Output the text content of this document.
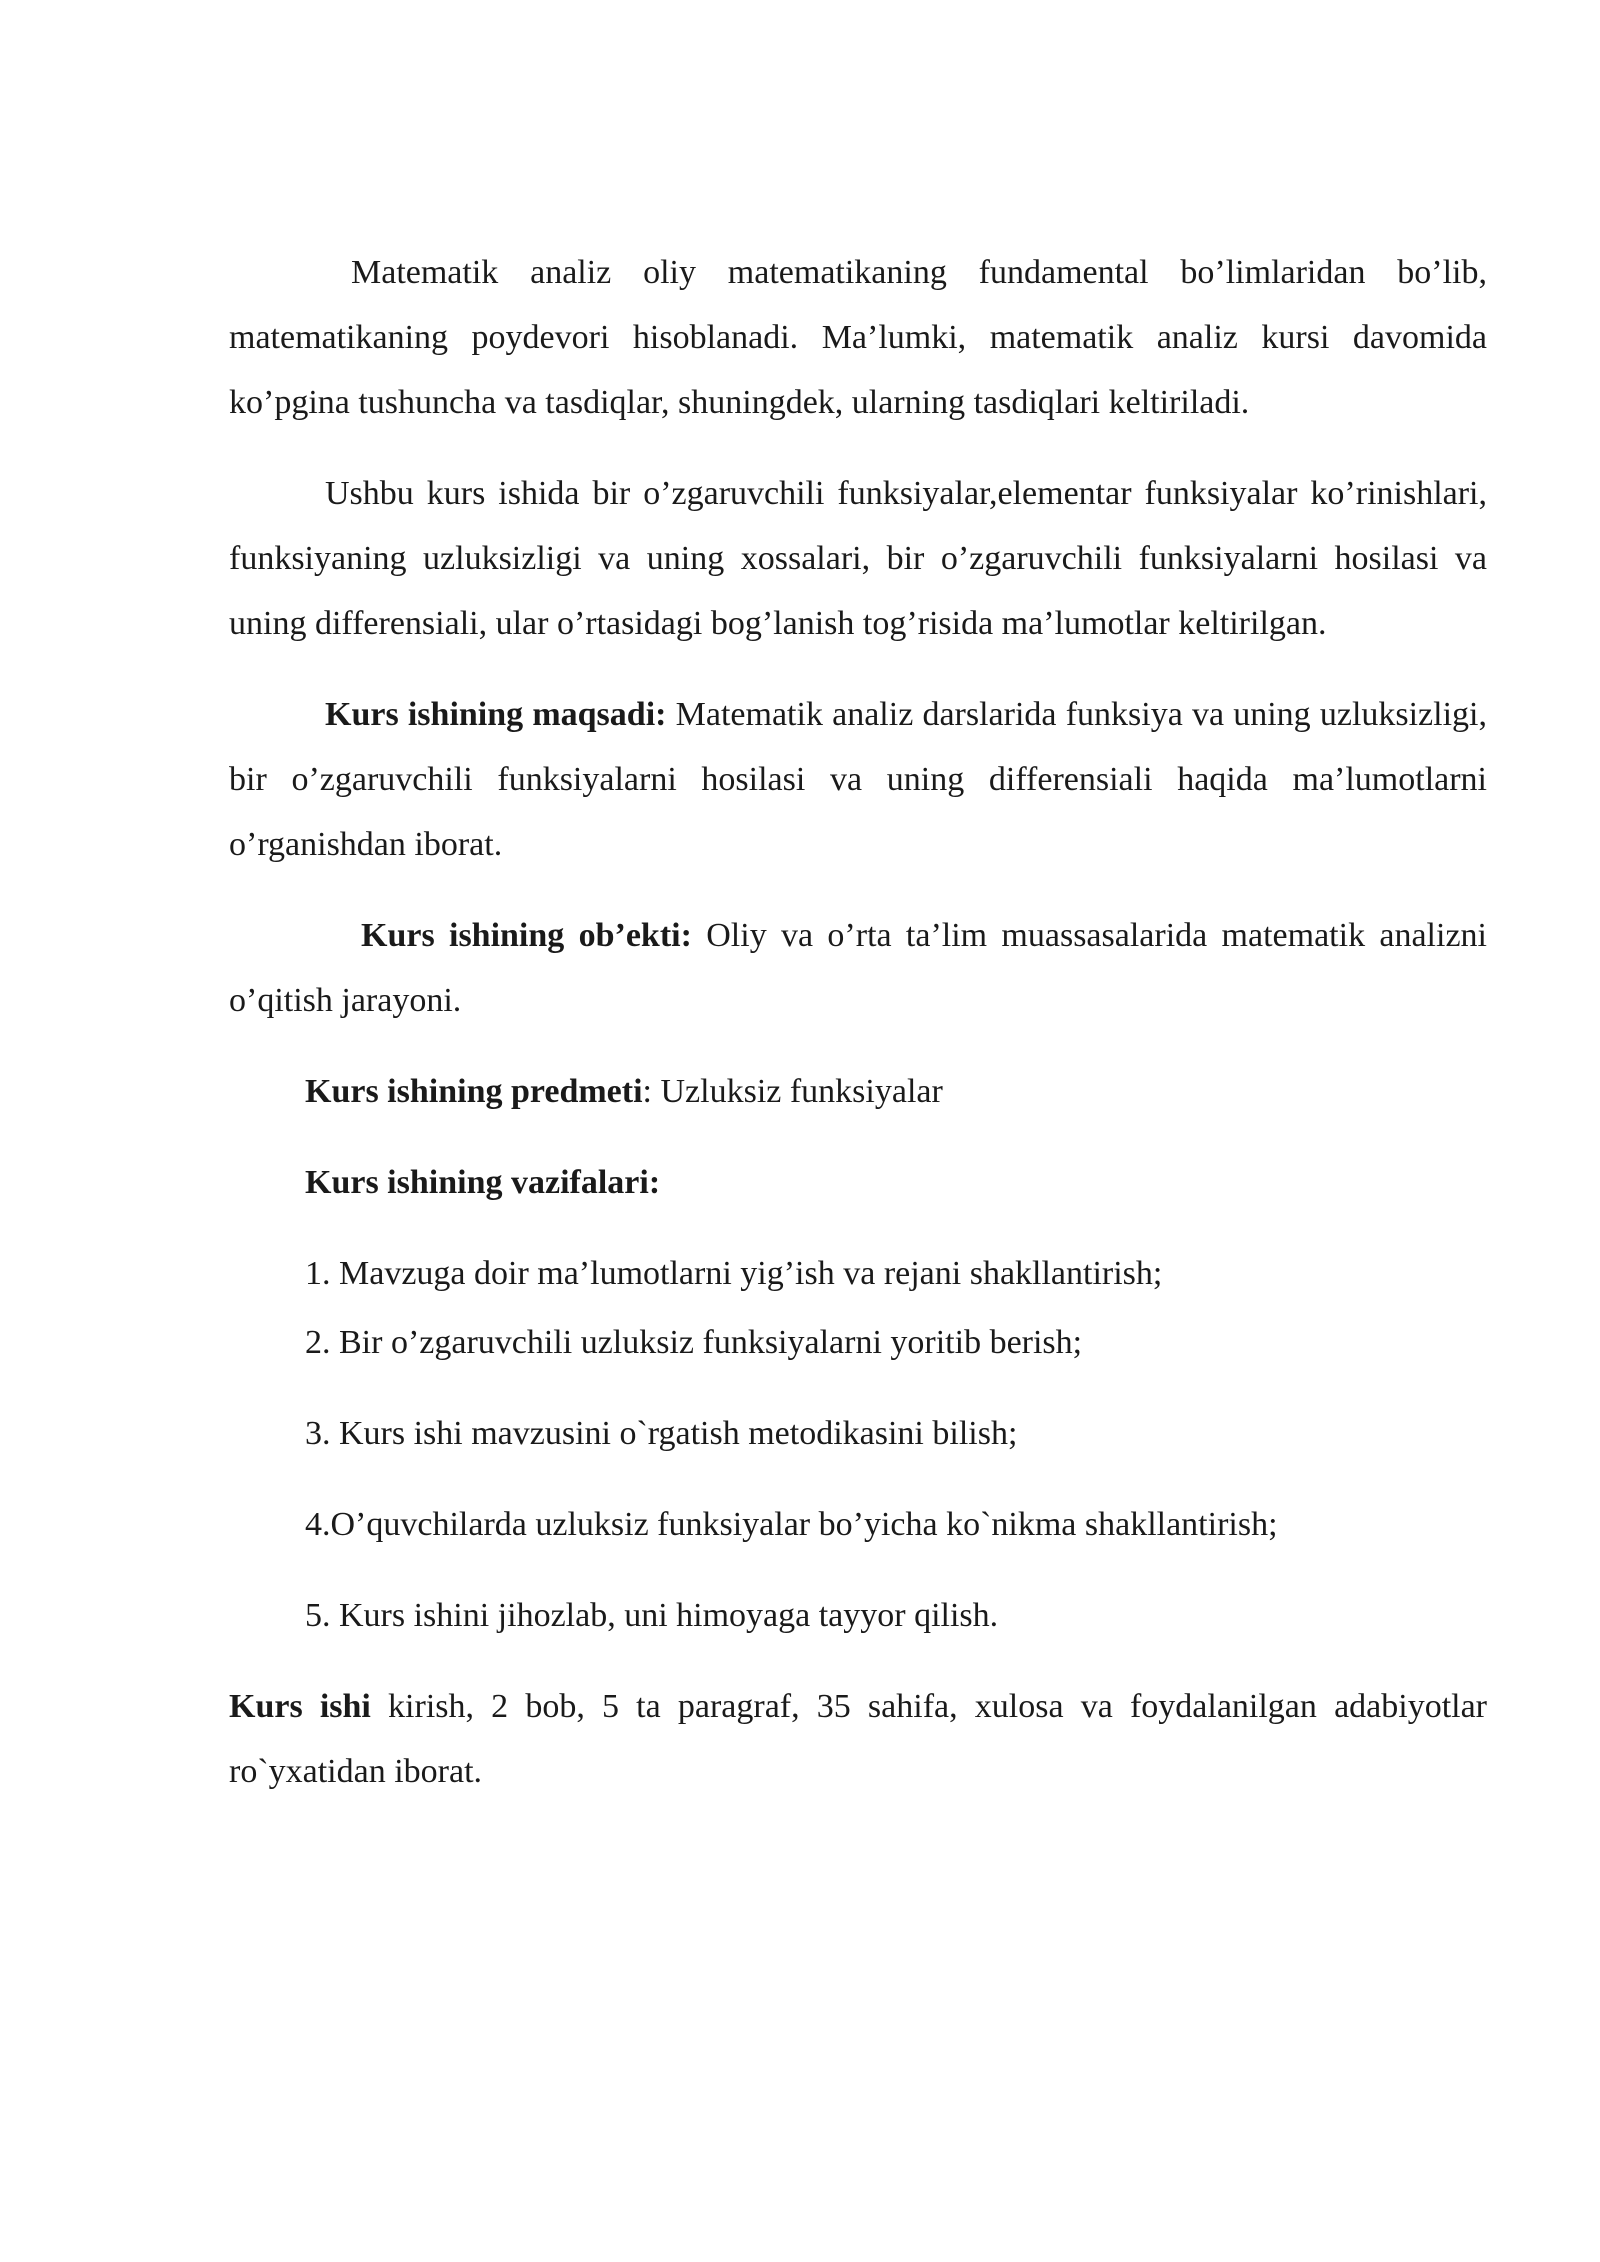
Matematik analiz oliy matematikaning fundamental bo’limlaridan bo’lib, matematikaning poydevori hisoblanadi. Ma’lumki, matematik analiz kursi davomida ko’pgina tushuncha va tasdiqlar, shuningdek, ularning tasdiqlari keltiriladi.

Ushbu kurs ishida bir o’zgaruvchili funksiyalar,elementar funksiyalar ko’rinishlari, funksiyaning uzluksizligi va uning xossalari, bir o’zgaruvchili funksiyalarni hosilasi va uning differensiali, ular o’rtasidagi bog’lanish tog’risida ma’lumotlar keltirilgan.

Kurs ishining maqsadi: Matematik analiz darslarida funksiya va uning uzluksizligi, bir o’zgaruvchili funksiyalarni hosilasi va uning differensiali haqida ma’lumotlarni o’rganishdan iborat.

Kurs ishining ob’ekti: Oliy va o’rta ta’lim muassasalarida matematik analizni o’qitish jarayoni.

Kurs ishining predmeti: Uzluksiz funksiyalar

Kurs ishining vazifalari:

1. Mavzuga doir ma’lumotlarni yig’ish va rejani shakllantirish;

2. Bir o’zgaruvchili uzluksiz funksiyalarni yoritib berish;

3. Kurs ishi mavzusini o`rgatish metodikasini bilish;

4.O’quvchilarda uzluksiz funksiyalar bo’yicha ko`nikma shakllantirish;

5. Kurs ishini jihozlab, uni himoyaga tayyor qilish.

Kurs ishi kirish, 2 bob, 5 ta paragraf, 35 sahifa, xulosa va foydalanilgan adabiyotlar ro`yxatidan iborat.
